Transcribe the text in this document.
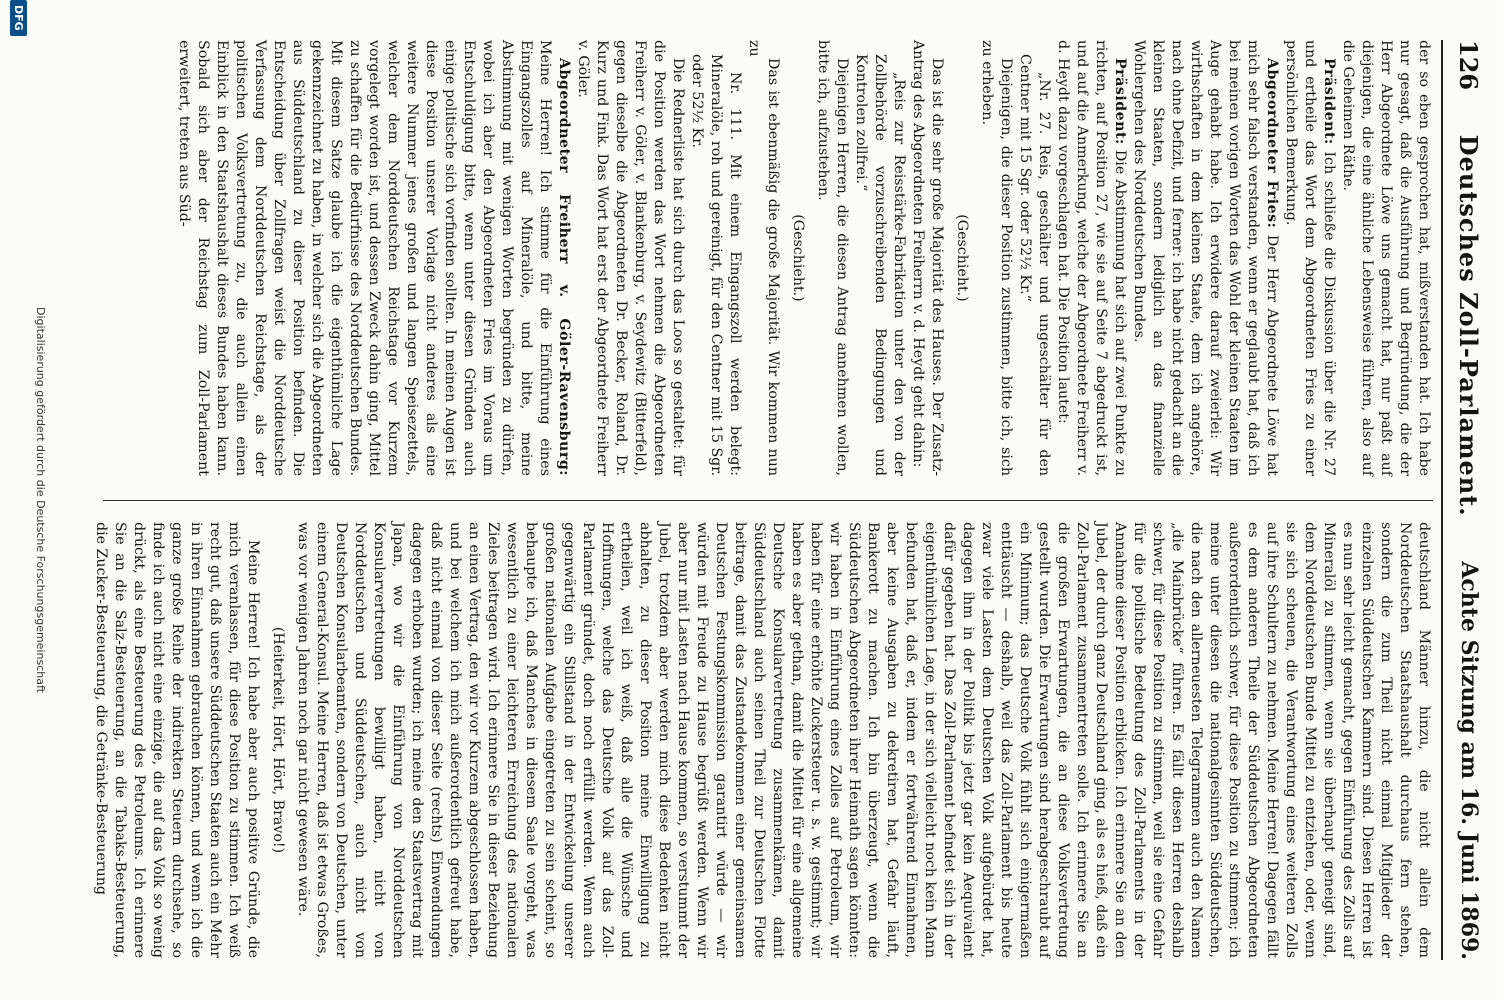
126
Deutsches Zoll-Parlament.
Achte Sitzung am 16. Juni 1869.

der so eben gesprochen hat, mißverstanden hat. Ich habe nur gesagt, daß die Ausführung und Begründung, die der Herr Abgeordnete Löwe uns gemacht hat, nur paßt auf diejenigen, die eine ähnliche Lebensweise führen, also auf die Geheimen Räthe.

Präsident: Ich schließe die Diskussion über die Nr. 27 und ertheile das Wort dem Abgeordneten Fries zu einer persönlichen Bemerkung.

Abgeordneter Fries: Der Herr Abgeordnete Löwe hat mich sehr falsch verstanden, wenn er geglaubt hat, daß ich bei meinen vorigen Worten das Wohl der kleinen Staaten im Auge gehabt habe. Ich erwidere darauf zweierlei: Wir wirthschaften in dem kleinen Staate, dem ich angehöre, nach ohne Defizit, und ferner: ich habe nicht gedacht an die kleinen Staaten, sondern lediglich an das finanzielle Wohlergehen des Norddeutschen Bundes.

Präsident: Die Abstimmung hat sich auf zwei Punkte zu richten, auf Position 27, wie sie auf Seite 7 abgedruckt ist, und auf die Anmerkung, welche der Abgeordnete Freiherr v. d. Heydt dazu vorgeschlagen hat. Die Position lautet:

„Nr. 27. Reis, geschälter und ungeschälter für den Centner mit 15 Sgr. oder 52½ Kr.“

Diejenigen, die dieser Position zustimmen, bitte ich, sich zu erheben.

(Geschieht.)

Das ist die sehr große Majorität des Hauses. Der Zusatz-Antrag des Abgeordneten Freiherrn v. d. Heydt geht dahin:

„Reis zur Reisstärke-Fabrikation unter den von der Zollbehörde vorzuschreibenden Bedingungen und Kontrolen zollfrei.“

Diejenigen Herren, die diesen Antrag annehmen wollen, bitte ich, aufzustehen.

(Geschieht.)

Das ist ebenmäßig die große Majorität. Wir kommen nun zu

Nr. 111. Mit einem Eingangszoll werden belegt: Mineralöle, roh und gereinigt, für den Centner mit 15 Sgr. oder 52½ Kr.

Die Rednerliste hat sich durch das Loos so gestaltet: für die Position werden das Wort nehmen die Abgeordneten Freiherr v. Göler, v. Blankenburg, v. Seydewitz (Bitterfeld), gegen dieselbe die Abgeordneten Dr. Becker, Roland, Dr. Kurz und Fink. Das Wort hat erst der Abgeordnete Freiherr v. Göler.

Abgeordneter Freiherr v. Göler-Ravensburg: Meine Herren! Ich stimme für die Einführung eines Eingangszolles auf Mineralöle, und bitte, meine Abstimmung mit wenigen Worten begründen zu dürfen, wobei ich aber den Abgeordneten Fries im Voraus um Entschuldigung bitte, wenn unter diesen Gründen auch einige politische sich vorfinden sollten. In meinen Augen ist diese Position unserer Vorlage nicht anderes als eine weitere Nummer jenes großen und langen Speisezettels, welcher dem Norddeutschen Reichstage vor Kurzem vorgelegt worden ist, und dessen Zweck dahin ging, Mittel zu schaffen für die Bedürfnisse des Norddeutschen Bundes. Mit diesem Satze glaube ich die eigenthümliche Lage gekennzeichnet zu haben, in welcher sich die Abgeordneten aus Süddeutschland zu dieser Position befinden. Die Entscheidung über Zollfragen weist die Norddeutsche Verfassung dem Norddeutschen Reichstage, als der politischen Volksvertretung zu, die auch allein einen Einblick in den Staatshaushalt dieses Bundes haben kann. Sobald sich aber der Reichstag zum Zoll-Parlament erweitert, treten aus Süd-

deutschland Männer hinzu, die nicht allein dem Norddeutschen Staatshaushalt durchaus fern stehen, sondern die zum Theil nicht einmal Mitglieder der einzelnen Süddeutschen Kammern sind. Diesen Herren ist es nun sehr leicht gemacht, gegen Einführung des Zolls auf Mineralöl zu stimmen, wenn sie überhaupt geneigt sind, dem Norddeutschen Bunde Mittel zu entziehen, oder, wenn sie sich scheuen, die Verantwortung eines weiteren Zolls auf ihre Schultern zu nehmen. Meine Herren! Dagegen fällt es dem anderen Theile der Süddeutschen Abgeordneten außerordentlich schwer, für diese Position zu stimmen; ich meine unter diesen die nationalgesinnten Süddeutschen, die nach den allerneuesten Telegrammen auch den Namen „die Mainbrücke“ führen. Es fällt diesen Herren deshalb schwer, für diese Position zu stimmen, weil sie eine Gefahr für die politische Bedeutung des Zoll-Parlaments in der Annahme dieser Position erblicken. Ich erinnere Sie an den Jubel, der durch ganz Deutschland ging, als es hieß, daß ein Zoll-Parlament zusammentreten solle. Ich erinnere Sie an die großen Erwartungen, die an diese Volksvertretung gestellt wurden. Die Erwartungen sind herabgeschraubt auf ein Minimum; das Deutsche Volk fühlt sich einigermaßen enttäuscht — deshalb, weil das Zoll-Parlament bis heute zwar viele Lasten dem Deutschen Volk aufgebürdet hat, dagegen ihm in der Politik bis jetzt gar kein Aequivalent dafür gegeben hat. Das Zoll-Parlament befindet sich in der eigenthümlichen Lage, in der sich vielleicht noch kein Mann befunden hat, daß er, indem er fortwährend Einnahmen, aber keine Ausgaben zu dekretiren hat, Gefahr läuft, Bankerott zu machen. Ich bin überzeugt, wenn die Süddeutschen Abgeordneten ihrer Heimath sagen könnten: wir haben in Einführung eines Zolles auf Petroleum, wir haben für eine erhöhte Zuckersteuer u. s. w. gestimmt; wir haben es aber gethan, damit die Mittel für eine allgemeine Deutsche Konsularvertretung zusammenkämen, damit Süddeutschland auch seinen Theil zur Deutschen Flotte beitrage, damit das Zustandekommen einer gemeinsamen Deutschen Festungskommission garantirt würde — wir würden mit Freude zu Hause begrüßt werden. Wenn wir aber nur mit Lasten nach Hause kommen, so verstummt der Jubel, trotzdem aber werden mich diese Bedenken nicht abhalten, zu dieser Position meine Einwilligung zu ertheilen, weil ich weiß, daß alle die Wünsche und Hoffnungen, welche das Deutsche Volk auf das Zoll-Parlament gründet, doch noch erfüllt werden. Wenn auch gegenwärtig ein Stillstand in der Entwickelung unserer großen nationalen Aufgabe eingetreten zu sein scheint, so behaupte ich, daß Manches in diesem Saale vorgeht, was wesentlich zu einer leichteren Erreichung des nationalen Zieles beitragen wird. Ich erinnere Sie in dieser Beziehung an einen Vertrag, den wir vor Kurzem abgeschlossen haben, und bei welchem ich mich außerordentlich gefreut habe, daß nicht einmal von dieser Seite (rechts) Einwendungen dagegen erhoben wurden; ich meine den Staatsvertrag mit Japan, wo wir die Einführung von Norddeutschen Konsularvertretungen bewilligt haben, nicht von Norddeutschen und Süddeutschen, auch nicht von Deutschen Konsularbeamten, sondern von Deutschen, unter einem General-Konsul. Meine Herren, daß ist etwas Großes, was vor wenigen Jahren noch gar nicht gewesen wäre.

(Heiterkeit, Hört, Hört, Bravo!)

Meine Herren! Ich habe aber auch positive Gründe, die mich veranlassen, für diese Position zu stimmen. Ich weiß recht gut, daß unsere Süddeutschen Staaten auch ein Mehr in ihren Einnahmen gebrauchen können, und wenn ich die ganze große Reihe der indirekten Steuern durchsehe, so finde ich auch nicht eine einzige, die auf das Volk so wenig drückt, als eine Besteuerung des Petroleums. Ich erinnere Sie an die Salz-Besteuerung, an die Tabaks-Besteuerung, die Zucker-Besteuerung, die Getränke-Besteuerung

Digitalisierung gefördert durch die Deutsche Forschungsgemeinschaft
DFG
